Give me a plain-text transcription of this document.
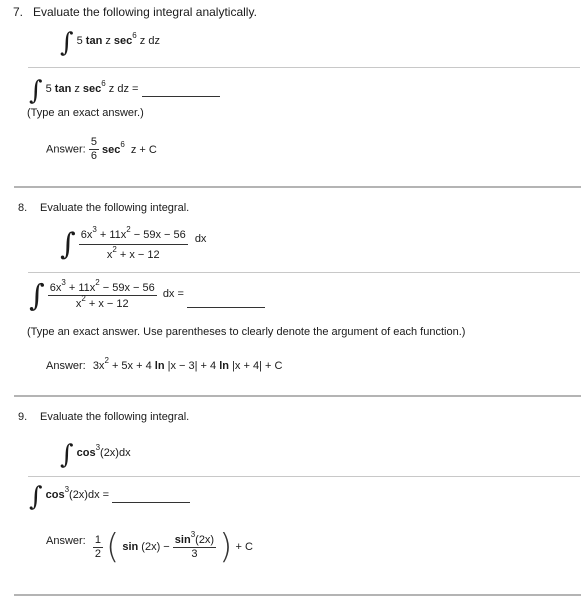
7. Evaluate the following integral analytically.
∫ 5 tan z $\sec^6 z$ dz
∫ 5 tan z $\sec^6 z$ dz =
(Type an exact answer.)
Answer: $\frac{5}{6} \sec^6 z + C$
8. Evaluate the following integral.
∫ $\frac{6x^3 + 11x^2 - 59x - 56}{x^2 + x - 12}$ dx
∫ $\frac{6x^3 + 11x^2 - 59x - 56}{x^2 + x - 12}$ dx =
(Type an exact answer. Use parentheses to clearly denote the argument of each function.)
Answer: $3x^2 + 5x + 4$ ln |x − 3| + 4 ln |x + 4| + C
9. Evaluate the following integral.
∫ $\cos^3(2x)dx$
∫ $\cos^3(2x)dx$ =
Answer: $\frac{1}{2}$ ( $\sin (2x) - \frac{\sin^3(2x)}{3}$ ) + C
